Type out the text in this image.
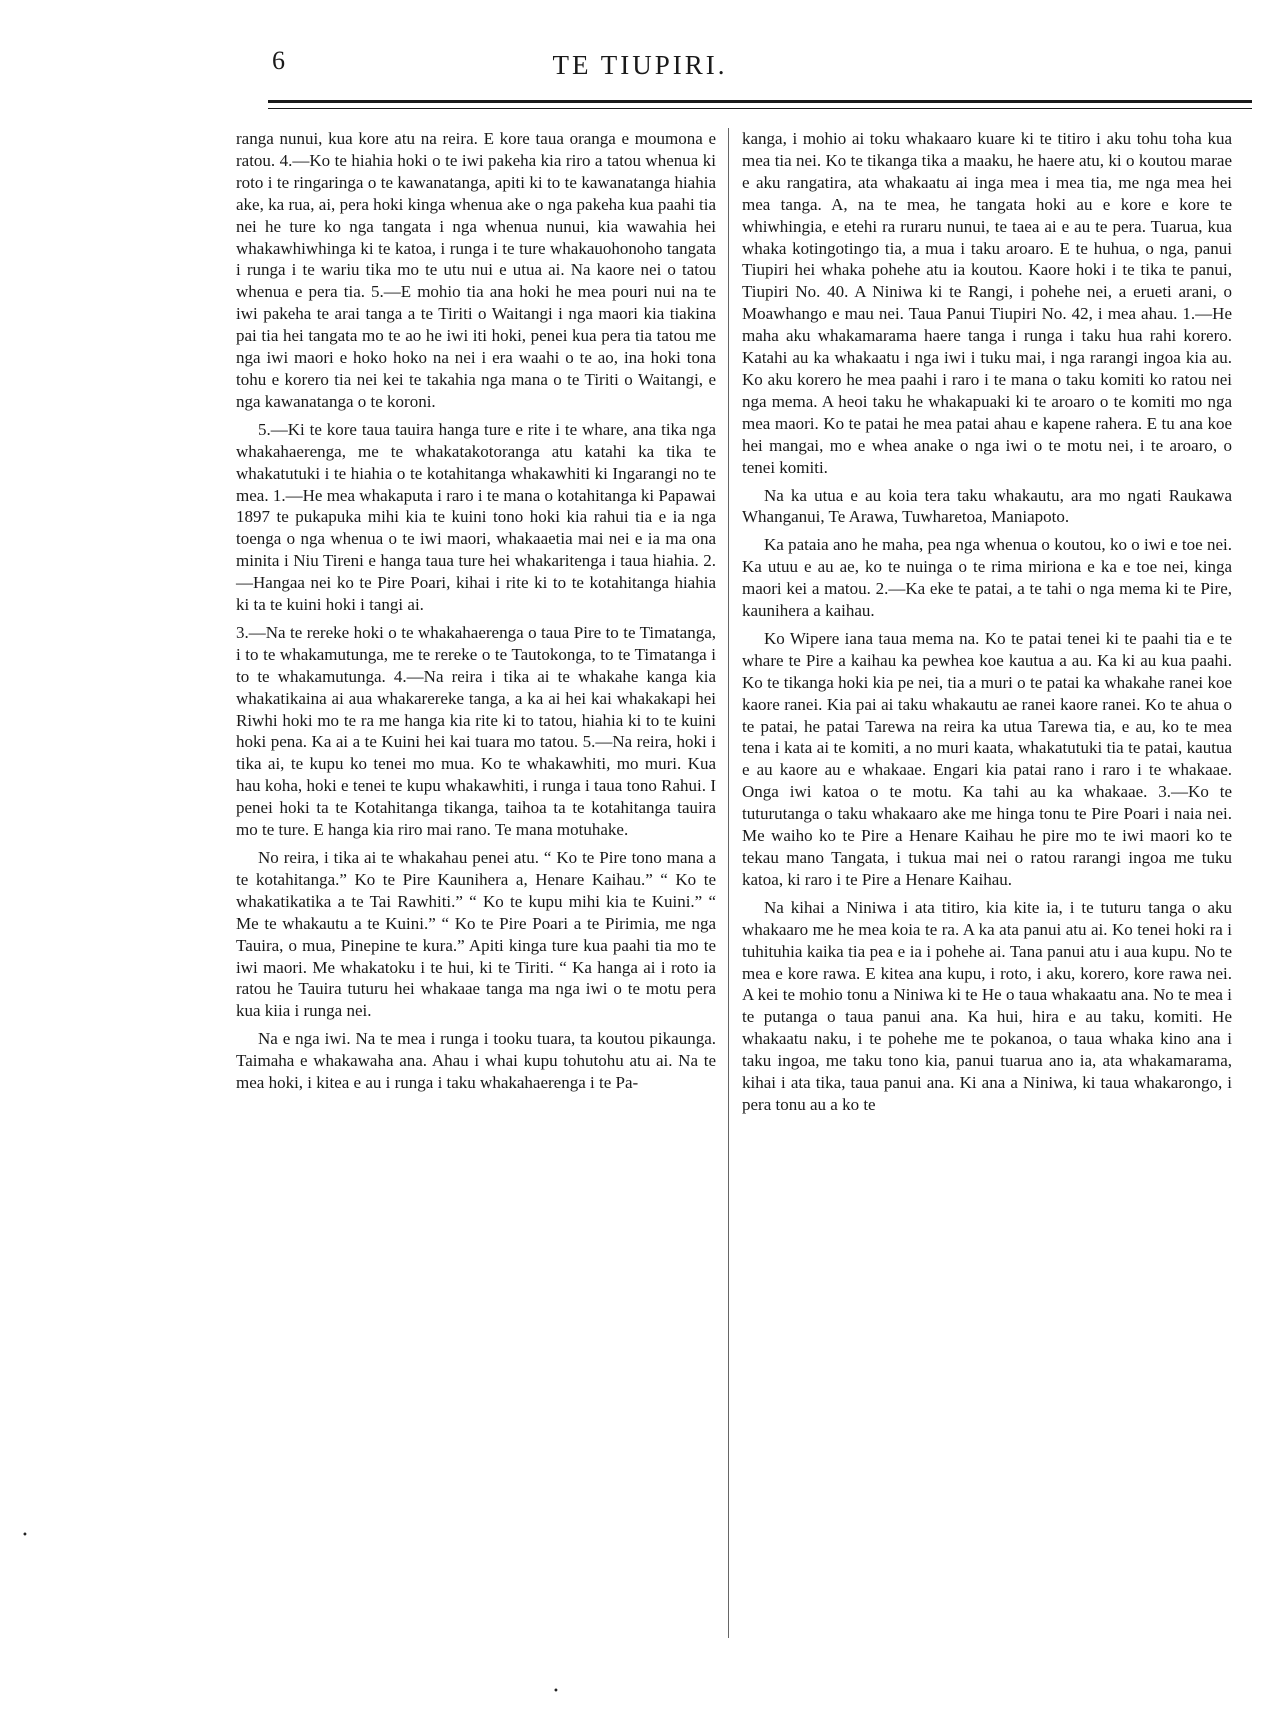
6	TE TIUPIRI.

ranga nunui, kua kore atu na reira. E kore taua oranga e moumona e ratou. 4.—Ko te hiahia hoki o te iwi pakeha kia riro a tatou whenua ki roto i te ringaringa o te kawanatanga, apiti ki to te kawanatanga hiahia ake, ka rua, ai, pera hoki kinga whenua ake o nga pakeha kua paahi tia nei he ture ko nga tangata i nga whenua nunui, kia wawahia hei whakawhiwhinga ki te katoa, i runga i te ture whakauohonoho tangata i runga i te wariu tika mo te utu nui e utua ai. Na kaore nei o tatou whenua e pera tia. 5.—E mohio tia ana hoki he mea pouri nui na te iwi pakeha te arai tanga a te Tiriti o Waitangi i nga maori kia tiakina pai tia hei tangata mo te ao he iwi iti hoki, penei kua pera tia tatou me nga iwi maori e hoko hoko na nei i era waahi o te ao, ina hoki tona tohu e korero tia nei kei te takahia nga mana o te Tiriti o Waitangi, e nga kawanatanga o te koroni.

5.—Ki te kore taua tauira hanga ture e rite i te whare, ana tika nga whakahaerenga, me te whakatakotoranga atu katahi ka tika te whakatutuki i te hiahia o te kotahitanga whakawhiti ki Ingarangi no te mea. 1.—He mea whakaputa i raro i te mana o kotahitanga ki Papawai 1897 te pukapuka mihi kia te kuini tono hoki kia rahui tia e ia nga toenga o nga whenua o te iwi maori, whakaaetia mai nei e ia ma ona minita i Niu Tireni e hanga taua ture hei whakaritenga i taua hiahia. 2.—Hangaa nei ko te Pire Poari, kihai i rite ki to te kotahitanga hiahia ki ta te kuini hoki i tangi ai.

3.—Na te rereke hoki o te whakahaerenga o taua Pire to te Timatanga, i to te whakamutunga, me te rereke o te Tautokonga, to te Timatanga i to te whakamutunga. 4.—Na reira i tika ai te whakahe kanga kia whakatikaina ai aua whakarereke tanga, a ka ai hei kai whakakapi hei Riwhi hoki mo te ra me hanga kia rite ki to tatou, hiahia ki to te kuini hoki pena. Ka ai a te Kuini hei kai tuara mo tatou. 5.—Na reira, hoki i tika ai, te kupu ko tenei mo mua. Ko te whakawhiti, mo muri. Kua hau koha, hoki e tenei te kupu whakawhiti, i runga i taua tono Rahui. I penei hoki ta te Kotahitanga tikanga, taihoa ta te kotahitanga tauira mo te ture. E hanga kia riro mai rano. Te mana motuhake.

No reira, i tika ai te whakahau penei atu. “ Ko te Pire tono mana a te kotahitanga.” Ko te Pire Kaunihera a, Henare Kaihau.” “ Ko te whakatikatika a te Tai Rawhiti.” “ Ko te kupu mihi kia te Kuini.” “ Me te whakautu a te Kuini.” “ Ko te Pire Poari a te Pirimia, me nga Tauira, o mua, Pinepine te kura.” Apiti kinga ture kua paahi tia mo te iwi maori. Me whakatoku i te hui, ki te Tiriti. “ Ka hanga ai i roto ia ratou he Tauira tuturu hei whakaae tanga ma nga iwi o te motu pera kua kiia i runga nei.

Na e nga iwi. Na te mea i runga i tooku tuara, ta koutou pikaunga. Taimaha e whakawaha ana. Ahau i whai kupu tohutohu atu ai. Na te mea hoki, i kitea e au i runga i taku whakahaerenga i te Pa-

kanga, i mohio ai toku whakaaro kuare ki te titiro i aku tohu toha kua mea tia nei. Ko te tikanga tika a maaku, he haere atu, ki o koutou marae e aku rangatira, ata whakaatu ai inga mea i mea tia, me nga mea hei mea tanga. A, na te mea, he tangata hoki au e kore e kore te whiwhingia, e etehi ra ruraru nunui, te taea ai e au te pera. Tuarua, kua whaka kotingotingo tia, a mua i taku aroaro. E te huhua, o nga, panui Tiupiri hei whaka pohehe atu ia koutou. Kaore hoki i te tika te panui, Tiupiri No. 40. A Niniwa ki te Rangi, i pohehe nei, a erueti arani, o Moawhango e mau nei. Taua Panui Tiupiri No. 42, i mea ahau. 1.—He maha aku whakamarama haere tanga i runga i taku hua rahi korero. Katahi au ka whakaatu i nga iwi i tuku mai, i nga rarangi ingoa kia au. Ko aku korero he mea paahi i raro i te mana o taku komiti ko ratou nei nga mema. A heoi taku he whakapuaki ki te aroaro o te komiti mo nga mea maori. Ko te patai he mea patai ahau e kapene rahera. E tu ana koe hei mangai, mo e whea anake o nga iwi o te motu nei, i te aroaro, o tenei komiti.

Na ka utua e au koia tera taku whakautu, ara mo ngati Raukawa Whanganui, Te Arawa, Tuwharetoa, Maniapoto.

Ka pataia ano he maha, pea nga whenua o koutou, ko o iwi e toe nei. Ka utuu e au ae, ko te nuinga o te rima miriona e ka e toe nei, kinga maori kei a matou. 2.—Ka eke te patai, a te tahi o nga mema ki te Pire, kaunihera a kaihau.

Ko Wipere iana taua mema na. Ko te patai tenei ki te paahi tia e te whare te Pire a kaihau ka pewhea koe kautua a au. Ka ki au kua paahi. Ko te tikanga hoki kia pe nei, tia a muri o te patai ka whakahe ranei koe kaore ranei. Kia pai ai taku whakautu ae ranei kaore ranei. Ko te ahua o te patai, he patai Tarewa na reira ka utua Tarewa tia, e au, ko te mea tena i kata ai te komiti, a no muri kaata, whakatutuki tia te patai, kautua e au kaore au e whakaae. Engari kia patai rano i raro i te whakaae. Onga iwi katoa o te motu. Ka tahi au ka whakaae. 3.—Ko te tuturutanga o taku whakaaro ake me hinga tonu te Pire Poari i naia nei. Me waiho ko te Pire a Henare Kaihau he pire mo te iwi maori ko te tekau mano Tangata, i tukua mai nei o ratou rarangi ingoa me tuku katoa, ki raro i te Pire a Henare Kaihau.

Na kihai a Niniwa i ata titiro, kia kite ia, i te tuturu tanga o aku whakaaro me he mea koia te ra. A ka ata panui atu ai. Ko tenei hoki ra i tuhituhia kaika tia pea e ia i pohehe ai. Tana panui atu i aua kupu. No te mea e kore rawa. E kitea ana kupu, i roto, i aku, korero, kore rawa nei. A kei te mohio tonu a Niniwa ki te He o taua whakaatu ana. No te mea i te putanga o taua panui ana. Ka hui, hira e au taku, komiti. He whakaatu naku, i te pohehe me te pokanoa, o taua whaka kino ana i taku ingoa, me taku tono kia, panui tuarua ano ia, ata whakamarama, kihai i ata tika, taua panui ana. Ki ana a Niniwa, ki taua whakarongo, i pera tonu au a ko te

•
•
